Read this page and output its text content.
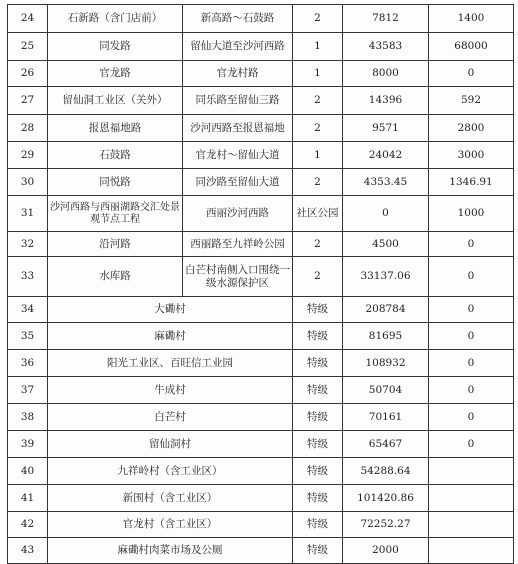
24	石新路（含门店前）	新高路～石鼓路	2	7812	1400
25	同发路	留仙大道至沙河西路	1	43583	68000
26	官龙路	官龙村路	1	8000	0
27	留仙洞工业区（关外）	同乐路至留仙三路	2	14396	592
28	报恩福地路	沙河西路至报恩福地	2	9571	2800
29	石鼓路	官龙村～留仙大道	1	24042	3000
30	同悦路	同沙路至留仙大道	2	4353.45	1346.91
31	沙河西路与西丽湖路交汇处景观节点工程	西丽沙河西路	社区公园	0	1000
32	沿河路	西丽路至九祥岭公园	2	4500	0
33	水库路	白芒村南侧入口围绕一级水源保护区	2	33137.06	0
34	大磡村		特级	208784	0
35	麻磡村		特级	81695	0
36	阳光工业区、百旺信工业园		特级	108932	0
37	牛成村		特级	50704	0
38	白芒村		特级	70161	0
39	留仙洞村		特级	65467	0
40	九祥岭村（含工业区）		特级	54288.64	
41	新围村（含工业区）		特级	101420.86	
42	官龙村（含工业区）		特级	72252.27	
43	麻磡村肉菜市场及公厕		特级	2000	
